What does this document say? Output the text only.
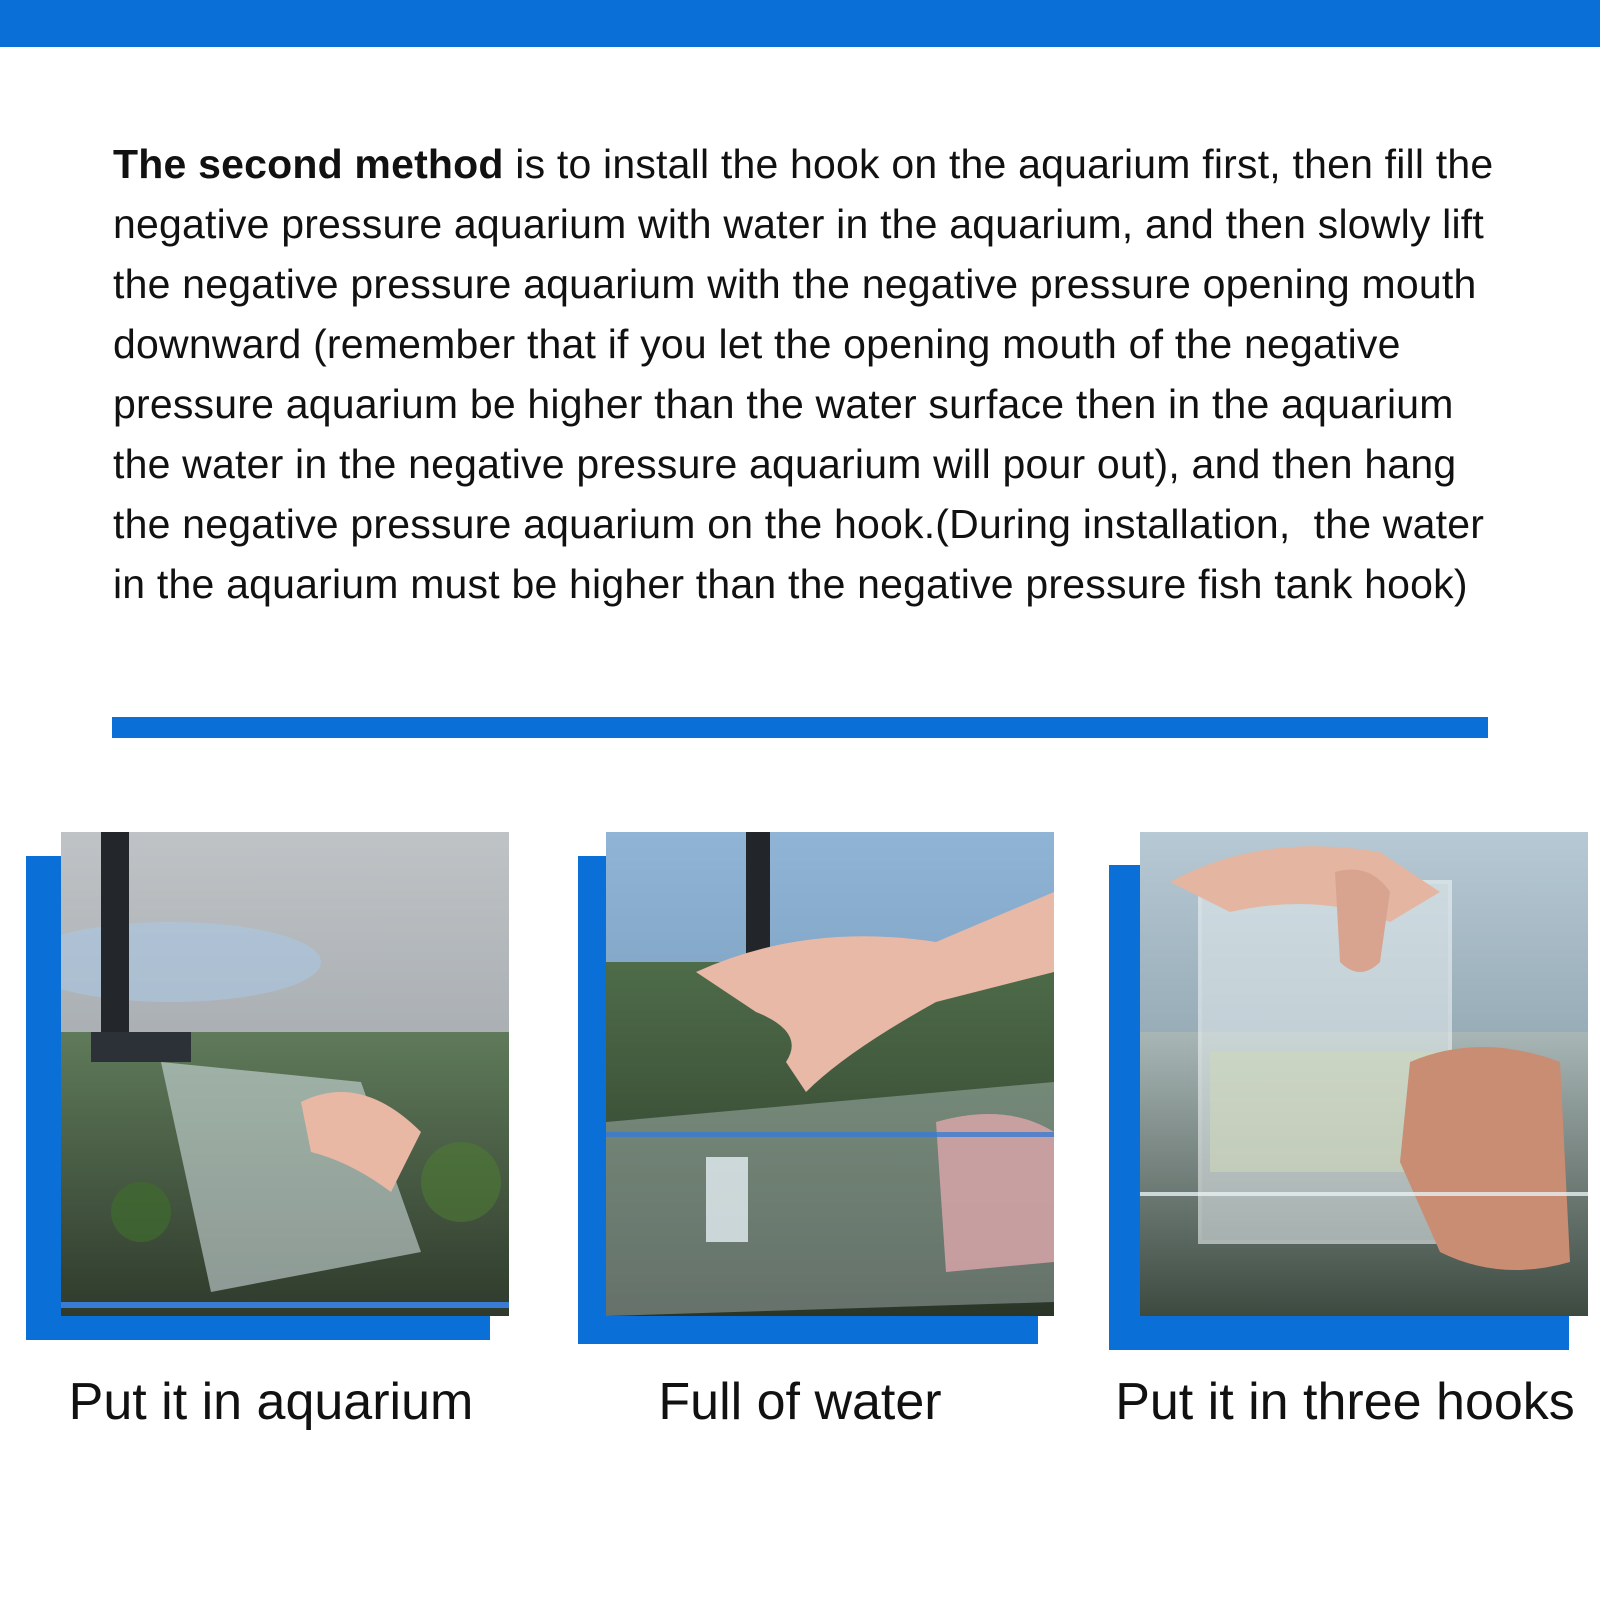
The second method is to install the hook on the aquarium first, then fill the negative pressure aquarium with water in the aquarium, and then slowly lift the negative pressure aquarium with the negative pressure opening mouth downward (remember that if you let the opening mouth of the negative pressure aquarium be higher than the water surface then in the aquarium the water in the negative pressure aquarium will pour out), and then hang the negative pressure aquarium on the hook.(During installation,  the water in the aquarium must be higher than the negative pressure fish tank hook)

Put it in aquarium	Full of water	Put it in three hooks
